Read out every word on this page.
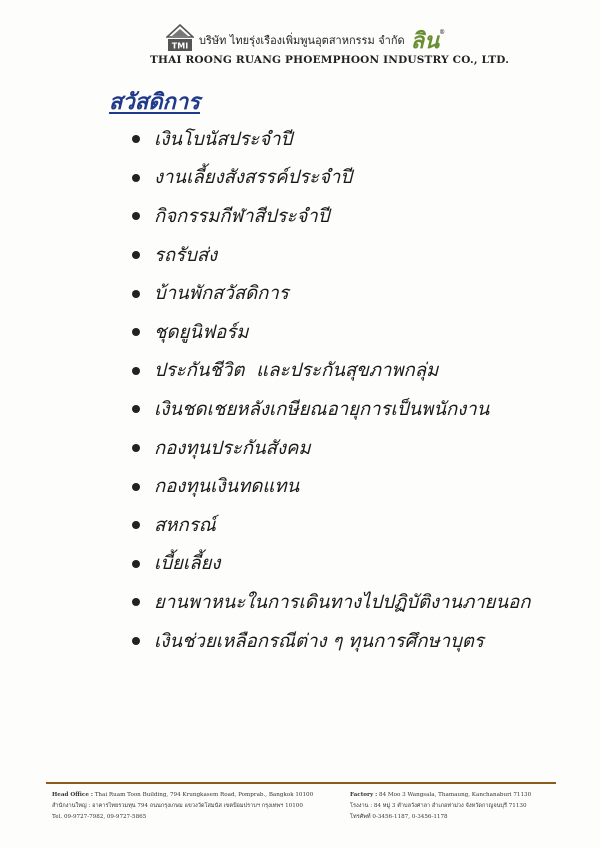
TMI บริษัท ไทยรุ่งเรืองเพิ่มพูนอุตสาหกรรม จำกัด ลิน®
THAI ROONG RUANG PHOEMPHOON INDUSTRY CO., LTD.
สวัสดิการ
เงินโบนัสประจำปี
งานเลี้ยงสังสรรค์ประจำปี
กิจกรรมกีฬาสีประจำปี
รถรับส่ง
บ้านพักสวัสดิการ
ชุดยูนิฟอร์ม
ประกันชีวิต  และประกันสุขภาพกลุ่ม
เงินชดเชยหลังเกษียณอายุการเป็นพนักงาน
กองทุนประกันสังคม
กองทุนเงินทดแทน
สหกรณ์
เบี้ยเลี้ยง
ยานพาหนะในการเดินทางไปปฏิบัติงานภายนอก
เงินช่วยเหลือกรณีต่าง ๆ ทุนการศึกษาบุตร
Head Office : Thai Ruam Toon Building, 794 Krungkasem Road, Pomprab., Bangkok 10100
สำนักงานใหญ่ : อาคารไทยรวมทุน 794 ถนนกรุงเกษม แขวงวัดโสมนัส เขตป้อมปราบฯ กรุงเทพฯ 10100
Tel. 09-9727-7982, 09-9727-5865
Factory : 84 Moo 3 Wangsala, Thamaung, Kanchanaburi 71130
โรงงาน : 84 หมู่ 3 ตำบลวังศาลา อำเภอท่าม่วง จังหวัดกาญจนบุรี 71130
โทรศัพท์ 0-3456-1187, 0-3456-1178
